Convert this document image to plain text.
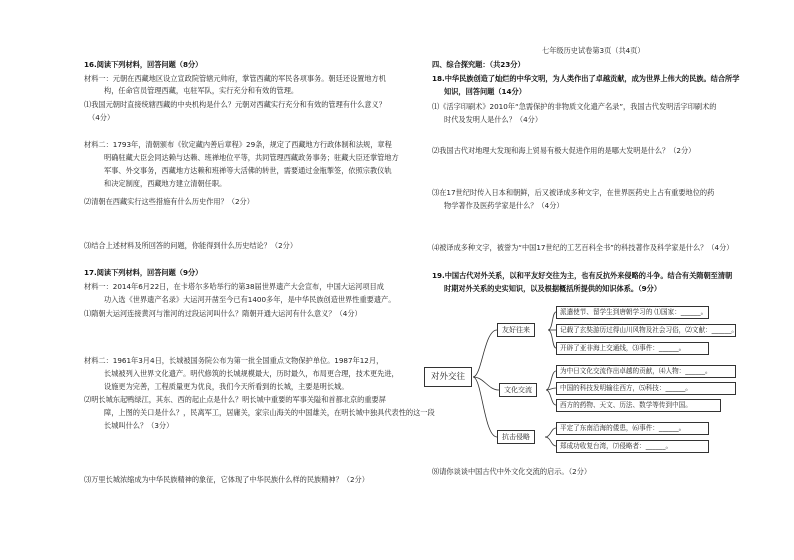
七年级历史试卷第3页（共4页）
16.阅读下列材料，回答问题（8分）
材料一：元朝在西藏地区设立宣政院管辖元帅府，掌管西藏的军民各项事务。朝廷还设置地方机
构，任命官员管理西藏，屯驻军队，实行充分和有效的管理。
⑴我国元朝时直接统辖西藏的中央机构是什么？元朝对西藏实行充分和有效的管理有什么意义？
（4分）
材料二：1793年，清朝颁布《钦定藏内善后章程》29条，规定了西藏地方行政体制和法规，章程
明确驻藏大臣会同达赖与达赖、班禅地位平等，共同管理西藏政务事务；驻藏大臣还掌管地方
军事、外交事务，西藏地方达赖和班禅等大活佛的转世，需要通过金瓶掣签，依照宗教仪轨
和决定制度，西藏地方建立清朝任职。
⑵清朝在西藏实行这些措施有什么历史作用？（2分）
⑶结合上述材料及所回答的问题，你能得到什么历史结论？（2分）
17.阅读下列材料，回答问题（9分）
材料一：2014年6月22日，在卡塔尔多哈举行的第38届世界遗产大会宣布，中国大运河项目成
功入选《世界遗产名录》大运河开凿至今已有1400多年，是中华民族创造世界性重要遗产。
⑴隋朝大运河连接黄河与淮河的过段运河叫什么？隋朝开通大运河有什么意义？（4分）
材料二：1961年3月4日，长城被国务院公布为第一批全国重点文物保护单位。1987年12月，
长城被列入世界文化遗产。明代修筑的长城规模最大，历时最久，布局更合理，技术更先进，
设施更为完善，工程质量更为优良，我们今天所看到的长城，主要是明长城。
⑵明长城东起鸭绿江，其东、西的起止点是什么？明长城中重要的军事关隘和首都北京的重要屏
障，上图的关口是什么？，民离军工，居庸关，家宗山海关的中国雄关，在明长城中独具代表性的这一段
长城叫什么？（3分）
⑶万里长城浓缩成为中华民族精神的象征，它体现了中华民族什么样的民族精神？（2分）
四、综合探究题：（共23分）
18.中华民族创造了灿烂的中华文明，为人类作出了卓越贡献，成为世界上伟大的民族。结合所学
知识，回答问题（14分）
⑴《活字印刷术》2010年“急需保护的非物质文化遗产名录”，我国古代发明活字印刷术的
时代及发明人是什么？（4分）
⑵我国古代对地理大发现和海上贸易有极大促进作用的是哪大发明是什么？（2分）
⑶在17世纪时传入日本和朝鲜，后又被译成多种文字，在世界医药史上占有重要地位的药
物学著作及医药学家是什么？（4分）
⑷被译成多种文字，被誉为“中国17世纪的工艺百科全书”的科技著作及科学家是什么？（4分）
19.中国古代对外关系，以和平友好交往为主，也有反抗外来侵略的斗争。结合有关隋朝至清朝
时期对外关系的史实知识，以及根据概括所提供的知识体系。（9分）
对外交往
友好往来
文化交流
抗击侵略
派遣使节、留学生到唐朝学习的 ⑴国家：______。
记载了玄奘游历过得山川风物及社会习俗，⑵文献：______。
开辟了亚非海上交通线，⑶事件：______。
为中日文化交流作出卓越的贡献，⑷人物：______。
中国的科技发明输往西方，⑸科技：______。
西方的药物、天文、历法、数学等传到中国。
平定了东南沿海的倭患，⑹事件：______。
郑成功收复台湾，⑺侵略者：______。
⑻请你谈谈中国古代中外文化交流的启示。（2分）
